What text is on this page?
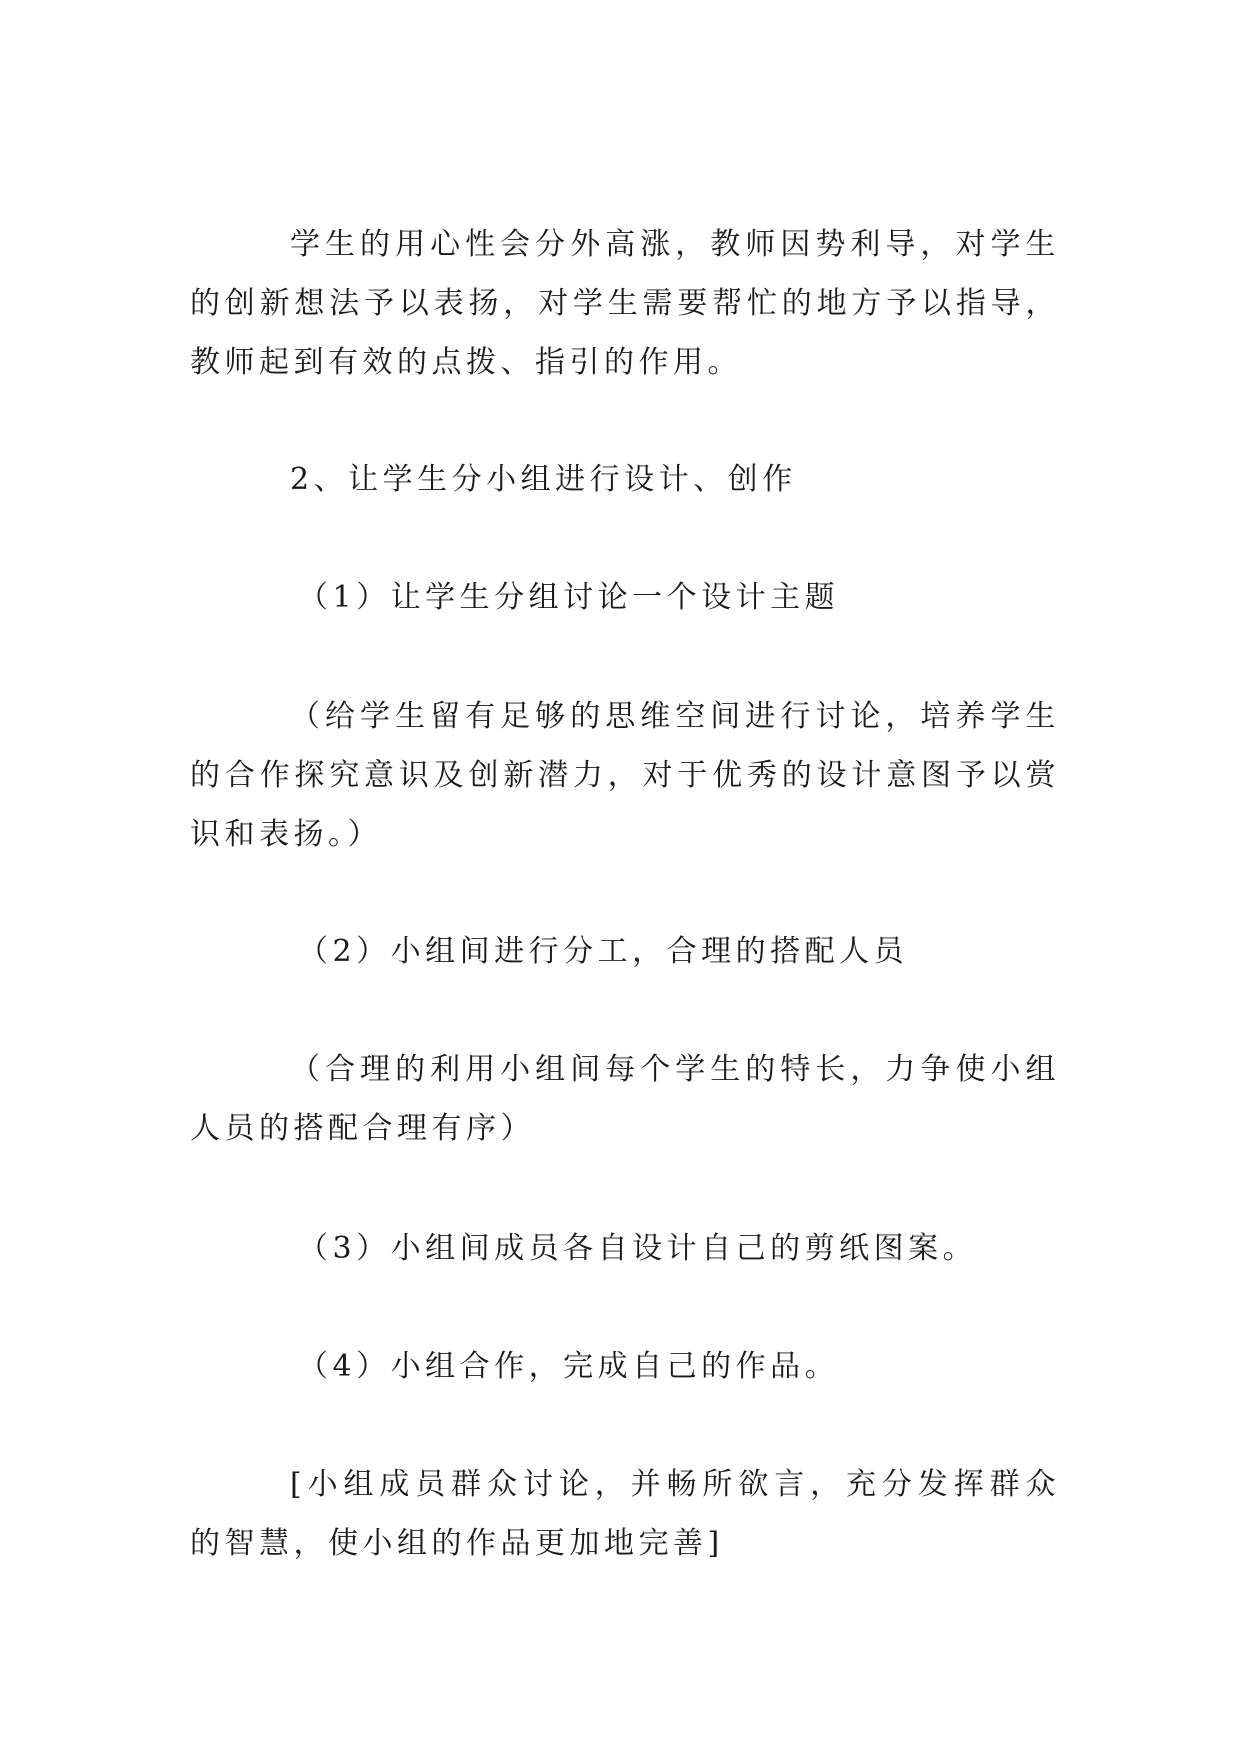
学生的用心性会分外高涨，教师因势利导，对学生的创新想法予以表扬，对学生需要帮忙的地方予以指导，教师起到有效的点拨、指引的作用。

2、让学生分小组进行设计、创作

（1）让学生分组讨论一个设计主题

（给学生留有足够的思维空间进行讨论，培养学生的合作探究意识及创新潜力，对于优秀的设计意图予以赏识和表扬。）

（2）小组间进行分工，合理的搭配人员

（合理的利用小组间每个学生的特长，力争使小组人员的搭配合理有序）

（3）小组间成员各自设计自己的剪纸图案。

（4）小组合作，完成自己的作品。

[小组成员群众讨论，并畅所欲言，充分发挥群众的智慧，使小组的作品更加地完善]
